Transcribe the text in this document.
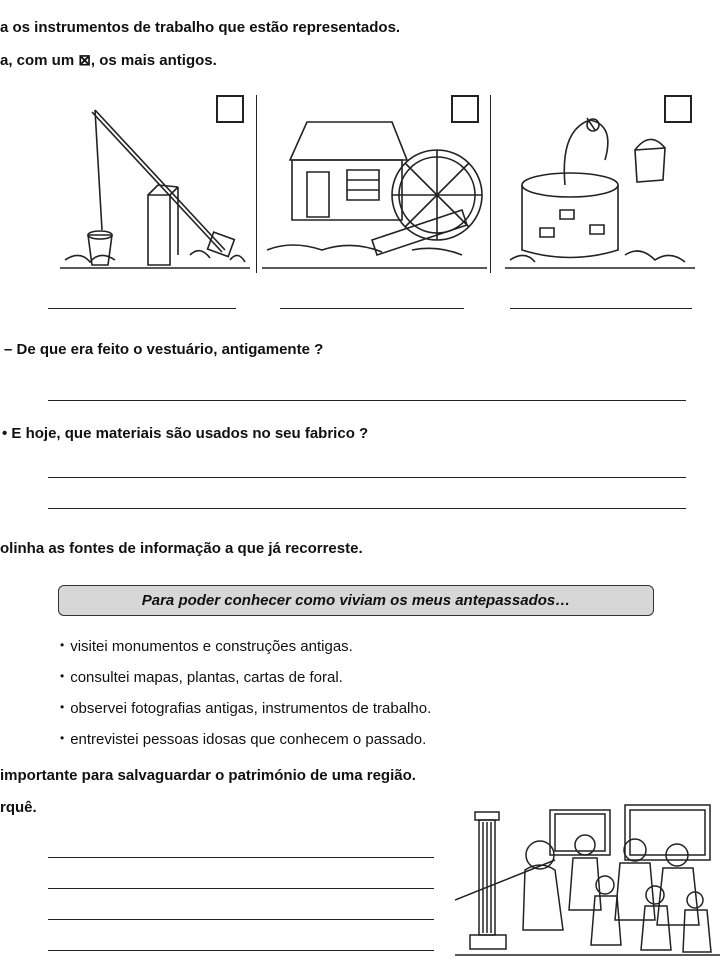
a os instrumentos de trabalho que estão representados.
a, com um ⊠, os mais antigos.
– De que era feito o vestuário, antigamente ?
• E hoje, que materiais são usados no seu fabrico ?
olinha as fontes de informação a que já recorreste.
Para poder conhecer como viviam os meus antepassados…
• visitei monumentos e construções antigas.
• consultei mapas, plantas, cartas de foral.
• observei fotografias antigas, instrumentos de trabalho.
• entrevistei pessoas idosas que conhecem o passado.
importante para salvaguardar o património de uma região.
rquê.
